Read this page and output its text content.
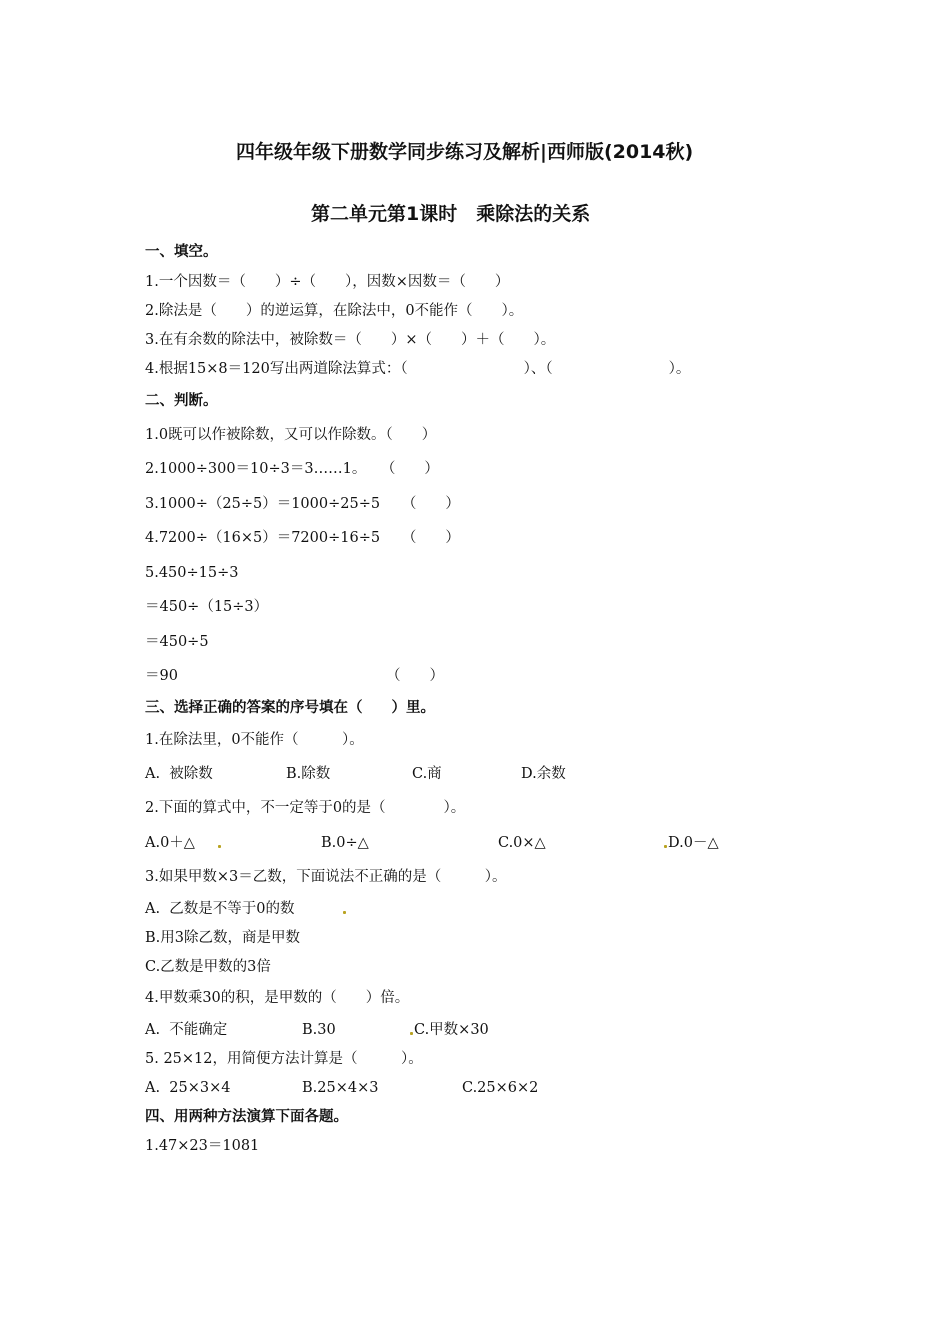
四年级年级下册数学同步练习及解析|西师版(2014秋)
第二单元第1课时　乘除法的关系
一、填空。
1.一个因数＝（　　）÷（　　），因数×因数＝（　　）
2.除法是（　　）的逆运算，在除法中，0不能作（　　）。
3.在有余数的除法中，被除数＝（　　）×（　　）＋（　　）。
4.根据15×8＝120写出两道除法算式：（　　　　　　　　）、（　　　　　　　　）。
二、判断。
1.0既可以作被除数，又可以作除数。（　　）
2.1000÷300＝10÷3＝3……1。　　（　　）
3.1000÷（25÷5）＝1000÷25÷5　　（　　）
4.7200÷（16×5）＝7200÷16÷5　　（　　）
5.450÷15÷3
＝450÷（15÷3）
＝450÷5
＝90	（　　）
三、选择正确的答案的序号填在（　　）里。
1.在除法里，0不能作（　　　）。
A.  被除数	B.除数	C.商	D.余数
2.下面的算式中，不一定等于0的是（　　　　）。
A.0＋△	B.0÷△	C.0×△	D.0－△
3.如果甲数×3＝乙数，下面说法不正确的是（　　　）。
A.  乙数是不等于0的数
B.用3除乙数，商是甲数
C.乙数是甲数的3倍
4.甲数乘30的积，是甲数的（　　）倍。
A.  不能确定	B.30	C.甲数×30
5. 25×12，用简便方法计算是（　　　）。
A.  25×3×4	B.25×4×3	C.25×6×2
四、用两种方法演算下面各题。
1.47×23＝1081
